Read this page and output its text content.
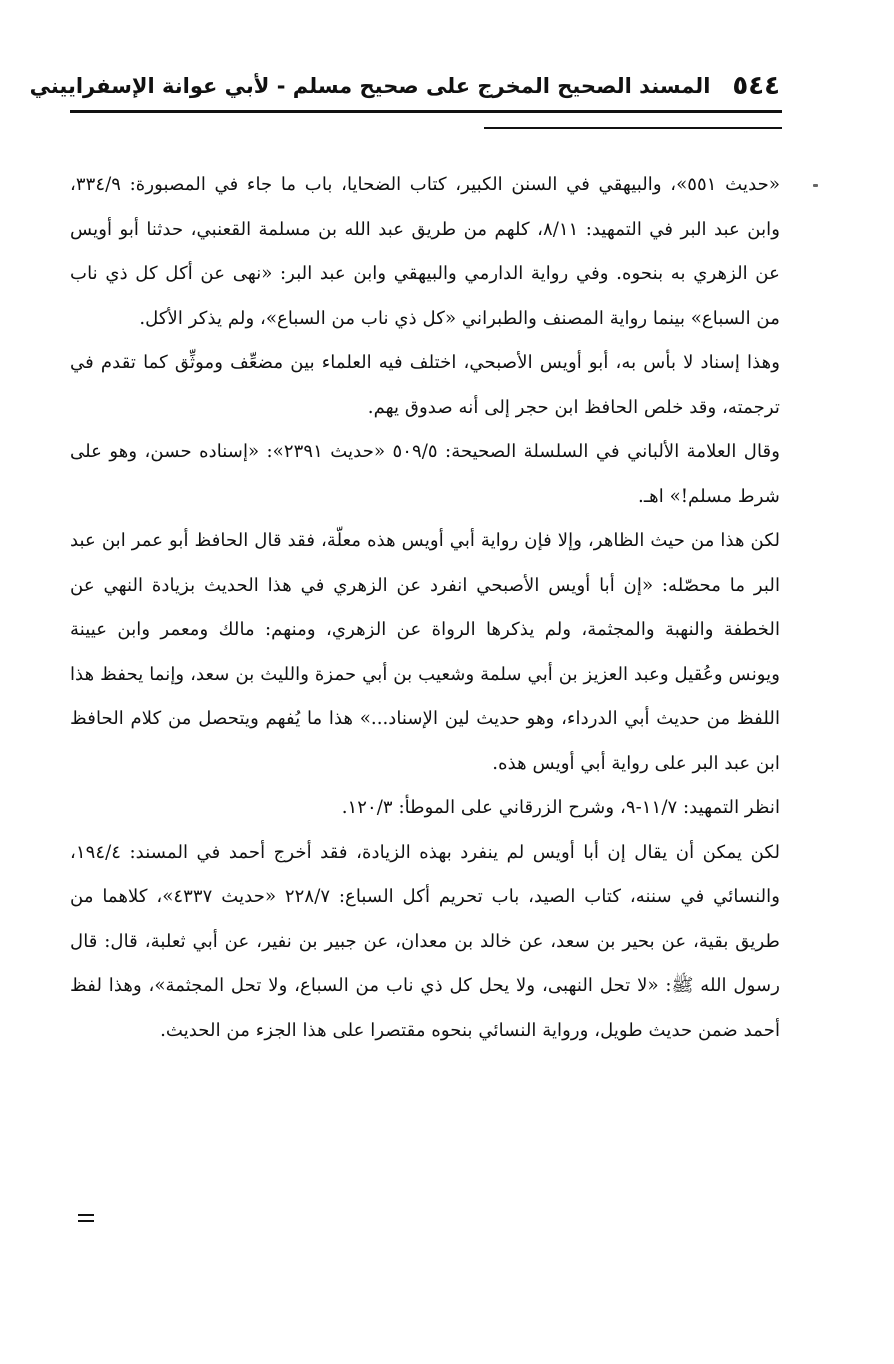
٥٤٤
المسند الصحيح المخرج على صحيح مسلم - لأبي عوانة الإسفراييني

«حديث ٥٥١»، والبيهقي في السنن الكبير، كتاب الضحايا، باب ما جاء في المصبورة: ٣٣٤/٩، وابن عبد البر في التمهيد: ٨/١١، كلهم من طريق عبد الله بن مسلمة القعنبي، حدثنا أبو أويس عن الزهري به بنحوه. وفي رواية الدارمي والبيهقي وابن عبد البر: «نهى عن أكل كل ذي ناب من السباع» بينما رواية المصنف والطبراني «كل ذي ناب من السباع»، ولم يذكر الأكل.

وهذا إسناد لا بأس به، أبو أويس الأصبحي، اختلف فيه العلماء بين مضعِّف وموثِّق كما تقدم في ترجمته، وقد خلص الحافظ ابن حجر إلى أنه صدوق يهم.

وقال العلامة الألباني في السلسلة الصحيحة: ٥٠٩/٥ «حديث ٢٣٩١»: «إسناده حسن، وهو على شرط مسلم!» اهـ.

لكن هذا من حيث الظاهر، وإلا فإن رواية أبي أويس هذه معلّة، فقد قال الحافظ أبو عمر ابن عبد البر ما محصّله: «إن أبا أويس الأصبحي انفرد عن الزهري في هذا الحديث بزيادة النهي عن الخطفة والنهبة والمجثمة، ولم يذكرها الرواة عن الزهري، ومنهم: مالك ومعمر وابن عيينة ويونس وعُقيل وعبد العزيز بن أبي سلمة وشعيب بن أبي حمزة والليث بن سعد، وإنما يحفظ هذا اللفظ من حديث أبي الدرداء، وهو حديث لين الإسناد...» هذا ما يُفهم ويتحصل من كلام الحافظ ابن عبد البر على رواية أبي أويس هذه.

انظر التمهيد: ١١/٧-٩، وشرح الزرقاني على الموطأ: ١٢٠/٣.

لكن يمكن أن يقال إن أبا أويس لم ينفرد بهذه الزيادة، فقد أخرج أحمد في المسند: ١٩٤/٤، والنسائي في سننه، كتاب الصيد، باب تحريم أكل السباع: ٢٢٨/٧ «حديث ٤٣٣٧»، كلاهما من طريق بقية، عن بحير بن سعد، عن خالد بن معدان، عن جبير بن نفير، عن أبي ثعلبة، قال: قال رسول الله ﷺ: «لا تحل النهبى، ولا يحل كل ذي ناب من السباع، ولا تحل المجثمة»، وهذا لفظ أحمد ضمن حديث طويل، ورواية النسائي بنحوه مقتصرا على هذا الجزء من الحديث.
